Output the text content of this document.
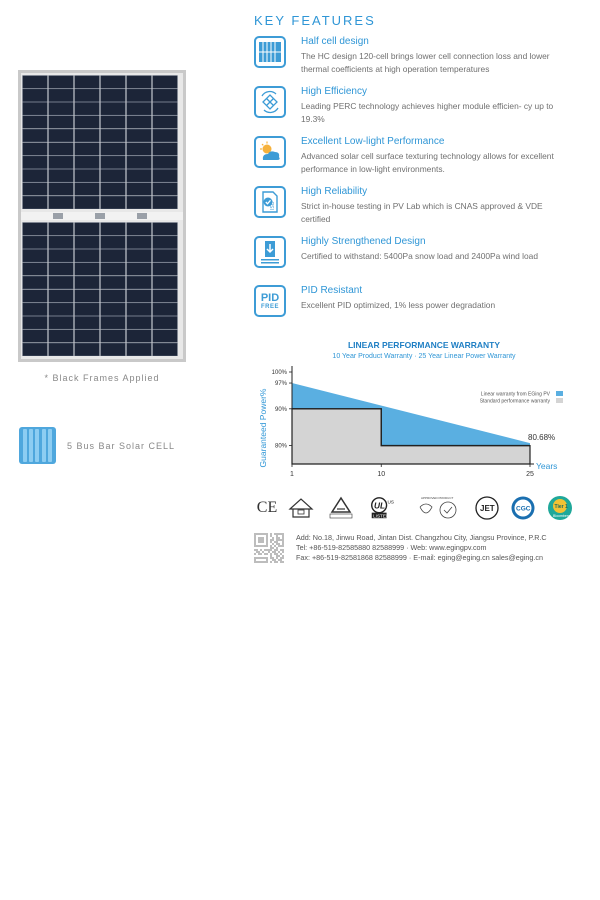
* Black Frames Applied
5 Bus Bar Solar CELL
KEY FEATURES
Half cell design
The HC design 120-cell brings lower cell connection loss and lower thermal coefficients at high operation temperatures
High Efficiency
Leading PERC technology achieves higher module efficien- cy up to 19.3%
Excellent Low-light Performance
Advanced solar cell surface texturing technology allows for excellent performance in low-light environments.
ISO
High Reliability
Strict in-house testing in PV Lab which is CNAS approved & VDE certified
Highly Strengthened Design
Certified to withstand: 5400Pa snow load and 2400Pa wind load
PID
FREE
PID Resistant
Excellent PID optimized, 1% less power degradation
LINEAR PERFORMANCE WARRANTY
10 Year Product Warranty · 25 Year Linear Power Warranty
100%
97%
90%
80%
1	10	25
Guaranteed Power%	Years
80.68%
Linear warranty from EGing PV
Standard performance warranty
CE	UL
LISTED
US
APPROVED PRODUCT
JET	CGC	Tier 1
Bloomberg
Add: No.18, Jinwu Road, Jintan Dist. Changzhou City, Jiangsu Province, P.R.C
Tel: +86-519-82585880 82588999 · Web: www.egingpv.com
Fax: +86-519-82581868 82588999 · E-mail: eging@eging.cn sales@eging.cn
